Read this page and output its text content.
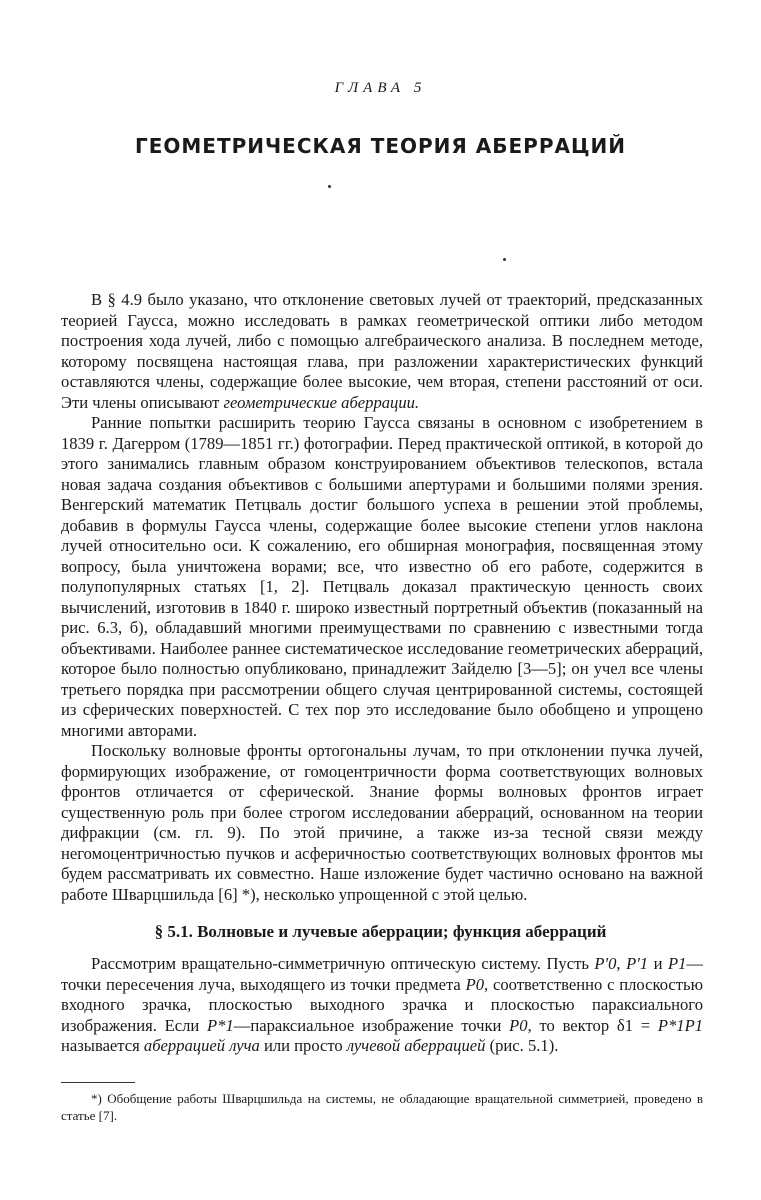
ГЛАВА 5
ГЕОМЕТРИЧЕСКАЯ ТЕОРИЯ АБЕРРАЦИЙ

В § 4.9 было указано, что отклонение световых лучей от траекторий, предсказанных теорией Гаусса, можно исследовать в рамках геометрической оптики либо методом построения хода лучей, либо с помощью алгебраического анализа. В последнем методе, которому посвящена настоящая глава, при разложении характеристических функций оставляются члены, содержащие более высокие, чем вторая, степени расстояний от оси. Эти члены описывают геометрические аберрации.

Ранние попытки расширить теорию Гаусса связаны в основном с изобретением в 1839 г. Дагерром (1789—1851 гг.) фотографии. Перед практической оптикой, в которой до этого занимались главным образом конструированием объективов телескопов, встала новая задача создания объективов с большими апертурами и большими полями зрения. Венгерский математик Петцваль достиг большого успеха в решении этой проблемы, добавив в формулы Гаусса члены, содержащие более высокие степени углов наклона лучей относительно оси. К сожалению, его обширная монография, посвященная этому вопросу, была уничтожена ворами; все, что известно об его работе, содержится в полупопулярных статьях [1, 2]. Петцваль доказал практическую ценность своих вычислений, изготовив в 1840 г. широко известный портретный объектив (показанный на рис. 6.3, б), обладавший многими преимуществами по сравнению с известными тогда объективами. Наиболее раннее систематическое исследование геометрических аберраций, которое было полностью опубликовано, принадлежит Зайделю [3—5]; он учел все члены третьего порядка при рассмотрении общего случая центрированной системы, состоящей из сферических поверхностей. С тех пор это исследование было обобщено и упрощено многими авторами.

Поскольку волновые фронты ортогональны лучам, то при отклонении пучка лучей, формирующих изображение, от гомоцентричности форма соответствующих волновых фронтов отличается от сферической. Знание формы волновых фронтов играет существенную роль при более строгом исследовании аберраций, основанном на теории дифракции (см. гл. 9). По этой причине, а также из-за тесной связи между негомоцентричностью пучков и асферичностью соответствующих волновых фронтов мы будем рассматривать их совместно. Наше изложение будет частично основано на важной работе Шварцшильда [6] *), несколько упрощенной с этой целью.

§ 5.1. Волновые и лучевые аберрации; функция аберраций

Рассмотрим вращательно-симметричную оптическую систему. Пусть P'0, P'1 и P1— точки пересечения луча, выходящего из точки предмета P0, соответственно с плоскостью входного зрачка, плоскостью выходного зрачка и плоскостью параксиального изображения. Если P*1—параксиальное изображение точки P0, то вектор δ1 = P*1P1 называется аберрацией луча или просто лучевой аберрацией (рис. 5.1).

*) Обобщение работы Шварцшильда на системы, не обладающие вращательной симметрией, проведено в статье [7].
